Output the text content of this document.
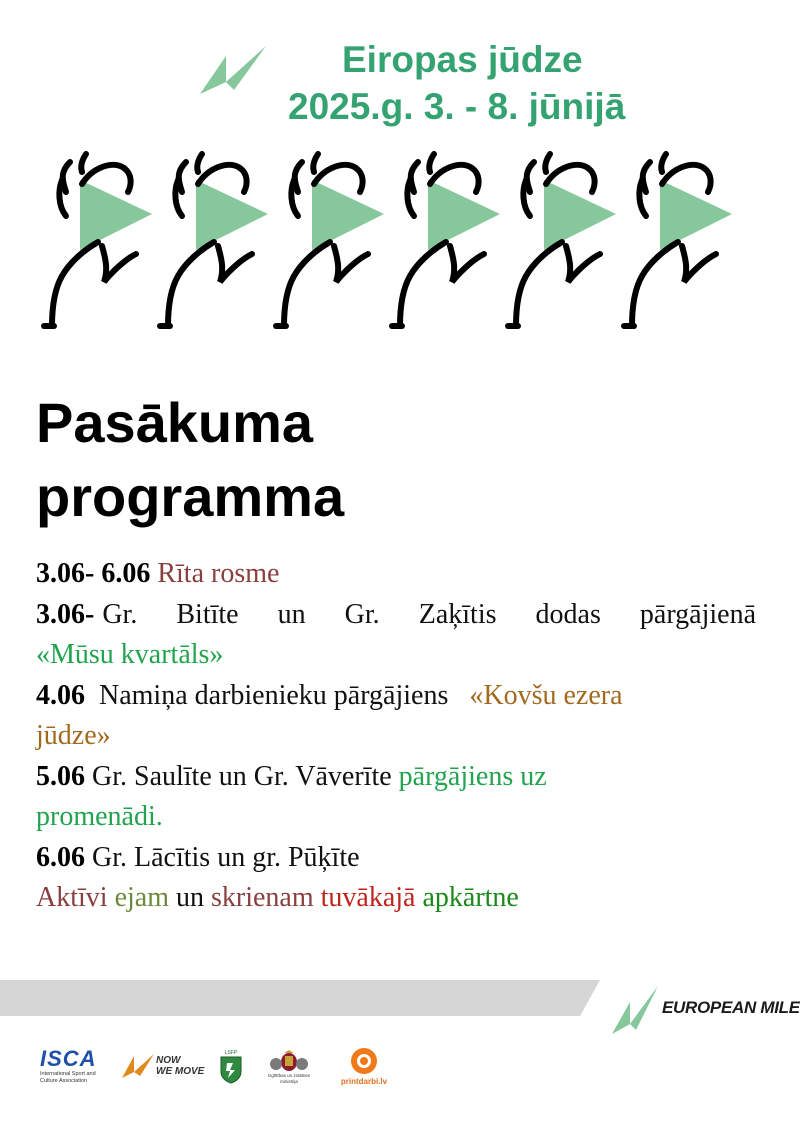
Eiropas jūdze
2025.g. 3. - 8. jūnijā
Pasākuma
programma
3.06- 6.06 Rīta rosme
3.06- Gr. Bitīte un Gr. Zaķītis dodas pārgājienā
«Mūsu kvartāls»
4.06 Namiņa darbienieku pārgājiens «Kovšu ezera
jūdze»
5.06 Gr. Saulīte un Gr. Vāverīte pārgājiens uz
promenādi.
6.06 Gr. Lācītis un gr. Pūķīte
Aktīvi ejam un skrienam tuvākajā apkārtne
EUROPEAN MILE
ISCA
International Sport and
Culture Association
NOW
WE MOVE
LSFP
Izglītības un zinātnes
ministrija	printdarbi.lv
